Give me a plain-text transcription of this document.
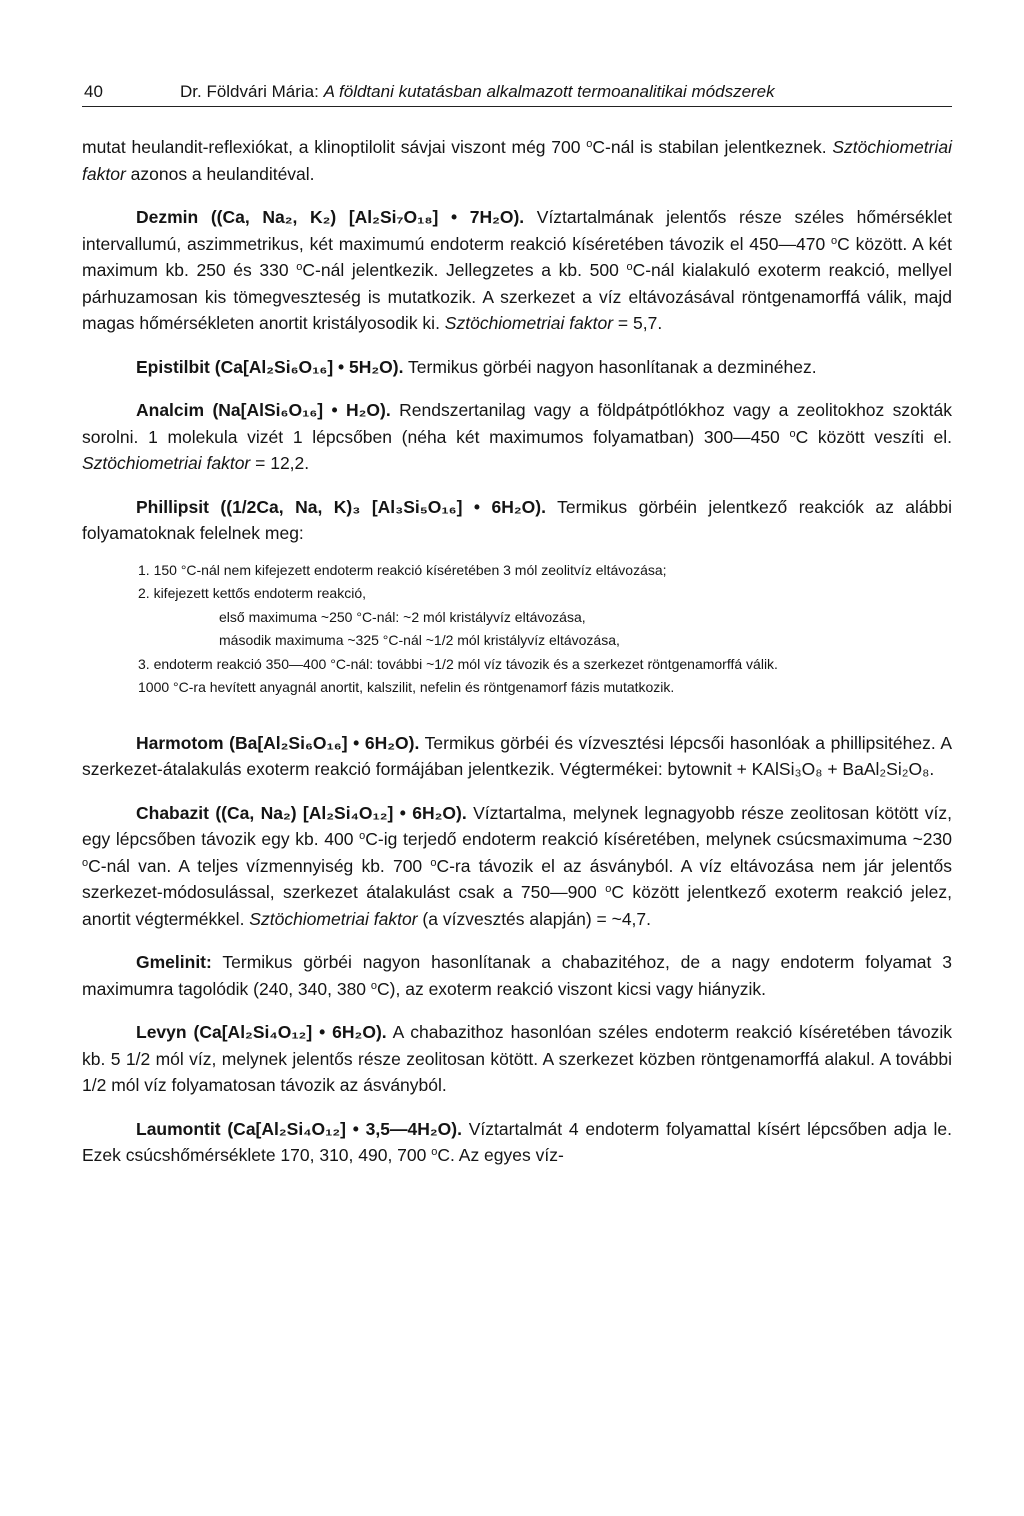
40	Dr. Földvári Mária: A földtani kutatásban alkalmazott termoanalitikai módszerek

mutat heulandit-reflexiókat, a klinoptilolit sávjai viszont még 700 $^o$C-nál is stabilan jelentkeznek. Sztöchiometriai faktor azonos a heulanditéval.

Dezmin ((Ca, Na₂, K₂) [Al₂Si₇O₁₈] • 7H₂O). Víztartalmának jelentős része széles hőmérséklet intervallumú, aszimmetrikus, két maximumú endoterm reakció kíséretében távozik el 450—470 $^o$C között. A két maximum kb. 250 és 330 $^o$C-nál jelentkezik. Jellegzetes a kb. 500 $^o$C-nál kialakuló exoterm reakció, mellyel párhuzamosan kis tömegveszteség is mutatkozik. A szerkezet a víz eltávozásával röntgenamorffá válik, majd magas hőmérsékleten anortit kristályosodik ki. Sztöchiometriai faktor = 5,7.

Epistilbit (Ca[Al₂Si₆O₁₆] • 5H₂O). Termikus görbéi nagyon hasonlítanak a dezminéhez.

Analcim (Na[AlSi₆O₁₆] • H₂O). Rendszertanilag vagy a földpátpótlókhoz vagy a zeolitokhoz szokták sorolni. 1 molekula vizét 1 lépcsőben (néha két maximumos folyamatban) 300—450 $^o$C között veszíti el. Sztöchiometriai faktor = 12,2.

Phillipsit ((1/2Ca, Na, K)₃ [Al₃Si₅O₁₆] • 6H₂O). Termikus görbéin jelentkező reakciók az alábbi folyamatoknak felelnek meg:

1. 150 °C-nál nem kifejezett endoterm reakció kíséretében 3 mól zeolitvíz eltávozása;

2. kifejezett kettős endoterm reakció,

első maximuma ~250 °C-nál: ~2 mól kristályvíz eltávozása,

második maximuma ~325 °C-nál ~1/2 mól kristályvíz eltávozása,

3. endoterm reakció 350—400 °C-nál: további ~1/2 mól víz távozik és a szerkezet röntgenamorffá válik.

1000 °C-ra hevített anyagnál anortit, kalszilit, nefelin és röntgenamorf fázis mutatkozik.

Harmotom (Ba[Al₂Si₆O₁₆] • 6H₂O). Termikus görbéi és vízvesztési lépcsői hasonlóak a phillipsitéhez. A szerkezet-átalakulás exoterm reakció formájában jelentkezik. Végtermékei: bytownit + KAlSi₃O₈ + BaAl₂Si₂O₈.

Chabazit ((Ca, Na₂) [Al₂Si₄O₁₂] • 6H₂O). Víztartalma, melynek legnagyobb része zeolitosan kötött víz, egy lépcsőben távozik egy kb. 400 $^o$C-ig terjedő endoterm reakció kíséretében, melynek csúcsmaximuma ~230 $^o$C-nál van. A teljes vízmennyiség kb. 700 $^o$C-ra távozik el az ásványból. A víz eltávozása nem jár jelentős szerkezet-módosulással, szerkezet átalakulást csak a 750—900 $^o$C között jelentkező exoterm reakció jelez, anortit végtermékkel. Sztöchiometriai faktor (a vízvesztés alapján) = ~4,7.

Gmelinit: Termikus görbéi nagyon hasonlítanak a chabazitéhoz, de a nagy endoterm folyamat 3 maximumra tagolódik (240, 340, 380 $^o$C), az exoterm reakció viszont kicsi vagy hiányzik.

Levyn (Ca[Al₂Si₄O₁₂] • 6H₂O). A chabazithoz hasonlóan széles endoterm reakció kíséretében távozik kb. 5 1/2 mól víz, melynek jelentős része zeolitosan kötött. A szerkezet közben röntgenamorffá alakul. A további 1/2 mól víz folyamatosan távozik az ásványból.

Laumontit (Ca[Al₂Si₄O₁₂] • 3,5—4H₂O). Víztartalmát 4 endoterm folyamattal kísért lépcsőben adja le. Ezek csúcshőmérséklete 170, 310, 490, 700 $^o$C. Az egyes víz-
